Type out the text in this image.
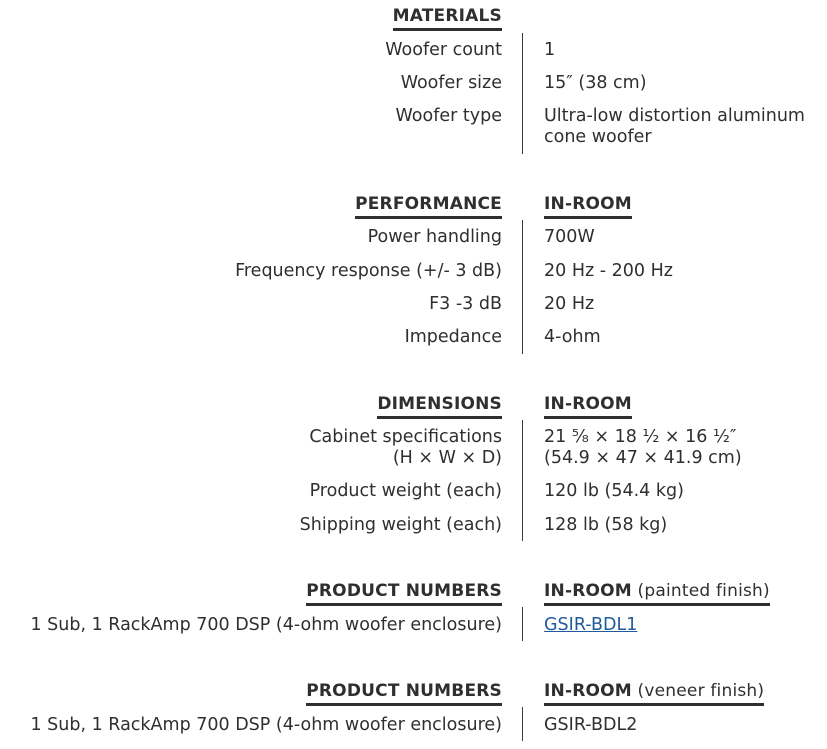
MATERIALS
Woofer count 1
Woofer size 15″ (38 cm)
Woofer type Ultra-low distortion aluminum
cone woofer
PERFORMANCE IN-ROOM
Power handling 700W
Frequency response (+/- 3 dB) 20 Hz - 200 Hz
F3 -3 dB 20 Hz
Impedance 4-ohm
DIMENSIONS IN-ROOM
Cabinet specifications
(H × W × D)
21 ⁵⁄₈ × 18 ¹⁄₂ × 16 ¹⁄₂″
(54.9 × 47 × 41.9 cm)
Product weight (each) 120 lb (54.4 kg)
Shipping weight (each) 128 lb (58 kg)
PRODUCT NUMBERS IN-ROOM (painted finish)
1 Sub, 1 RackAmp 700 DSP (4-ohm woofer enclosure) GSIR-BDL1
PRODUCT NUMBERS IN-ROOM (veneer finish)
1 Sub, 1 RackAmp 700 DSP (4-ohm woofer enclosure) GSIR-BDL2
